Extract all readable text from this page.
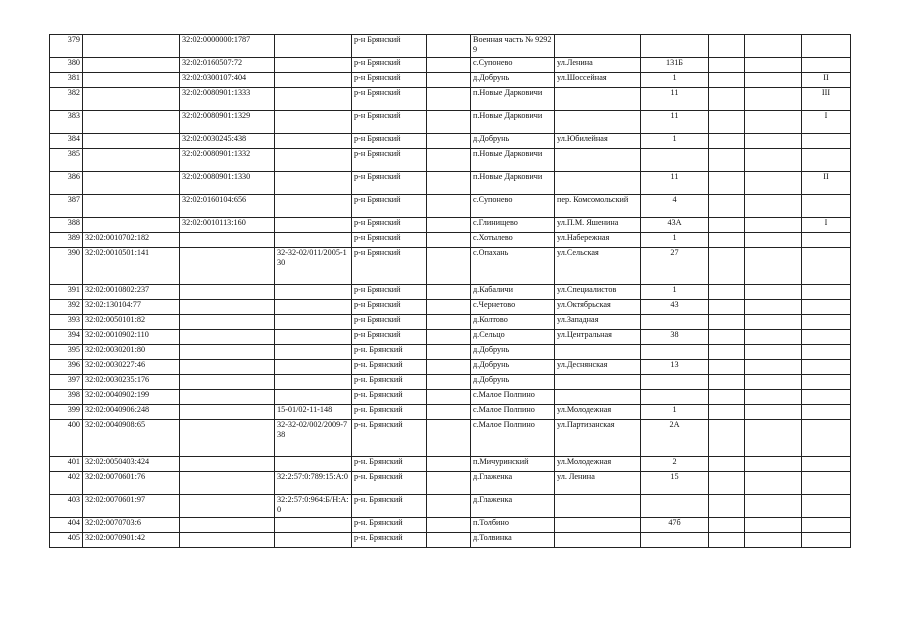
379		32:02:0000000:1787		р-н Брянский		Военная часть № 92929					
380		32:02:0160507:72		р-н Брянский		с.Супонево	ул.Ленина	131Б			
381		32:02:0300107:404		р-н Брянский		д.Добрунь	ул.Шоссейная	1			II
382		32:02:0080901:1333		р-н Брянский		п.Новые Дарковичи		11			III
383		32:02:0080901:1329		р-н Брянский		п.Новые Дарковичи		11			I
384		32:02:0030245:438		р-н Брянский		д.Добрунь	ул.Юбилейная	1			
385		32:02:0080901:1332		р-н Брянский		п.Новые Дарковичи					
386		32:02:0080901:1330		р-н Брянский		п.Новые Дарковичи		11			II
387		32:02:0160104:656		р-н Брянский		с.Супонево	пер. Комсомольский	4			
388		32:02:0010113:160		р-н Брянский		с.Глинищево	ул.П.М. Яшенина	43А			I
389	32:02:0010702:182			р-н Брянский		с.Хотылево	ул.Набережная	1			
390	32:02:0010501:141		32-32-02/011/2005-130	р-н Брянский		с.Опахань	ул.Сельская	27			
391	32:02:0010802:237			р-н Брянский		д.Кабаличи	ул.Специалистов	1			
392	32:02:130104:77			р-н Брянский		с.Чернетово	ул.Октябрьская	43			
393	32:02:0050101:82			р-н Брянский		д.Колтово	ул.Западная				
394	32:02:0010902:110			р-н Брянский		д.Сельцо	ул.Центральная	38			
395	32:02:0030201:80			р-н. Брянский		д.Добрунь					
396	32:02:0030227:46			р-н. Брянский		д.Добрунь	ул.Деснянская	13			
397	32:02:0030235:176			р-н. Брянский		д.Добрунь					
398	32:02:0040902:199			р-н. Брянский		с.Малое Полпино					
399	32:02:0040906:248		15-01/02-11-148	р-н. Брянский		с.Малое Полпино	ул.Молодежная	1			
400	32:02:0040908:65		32-32-02/002/2009-738	р-н. Брянский		с.Малое Полпино	ул.Партизанская	2А			
401	32:02:0050403:424			р-н. Брянский		п.Мичуринский	ул.Молодежная	2			
402	32:02:0070601:76		32:2:57:0:789:15:А:0	р-н. Брянский		д.Глаженка	ул. Ленина	15			
403	32:02:0070601:97		32:2:57:0:964:Б/Н:А:0	р-н. Брянский		д.Глаженка					
404	32:02:0070703:6			р-н. Брянский		п.Толбино		47б			
405	32:02:0070901:42			р-н. Брянский		д.Толвинка					
